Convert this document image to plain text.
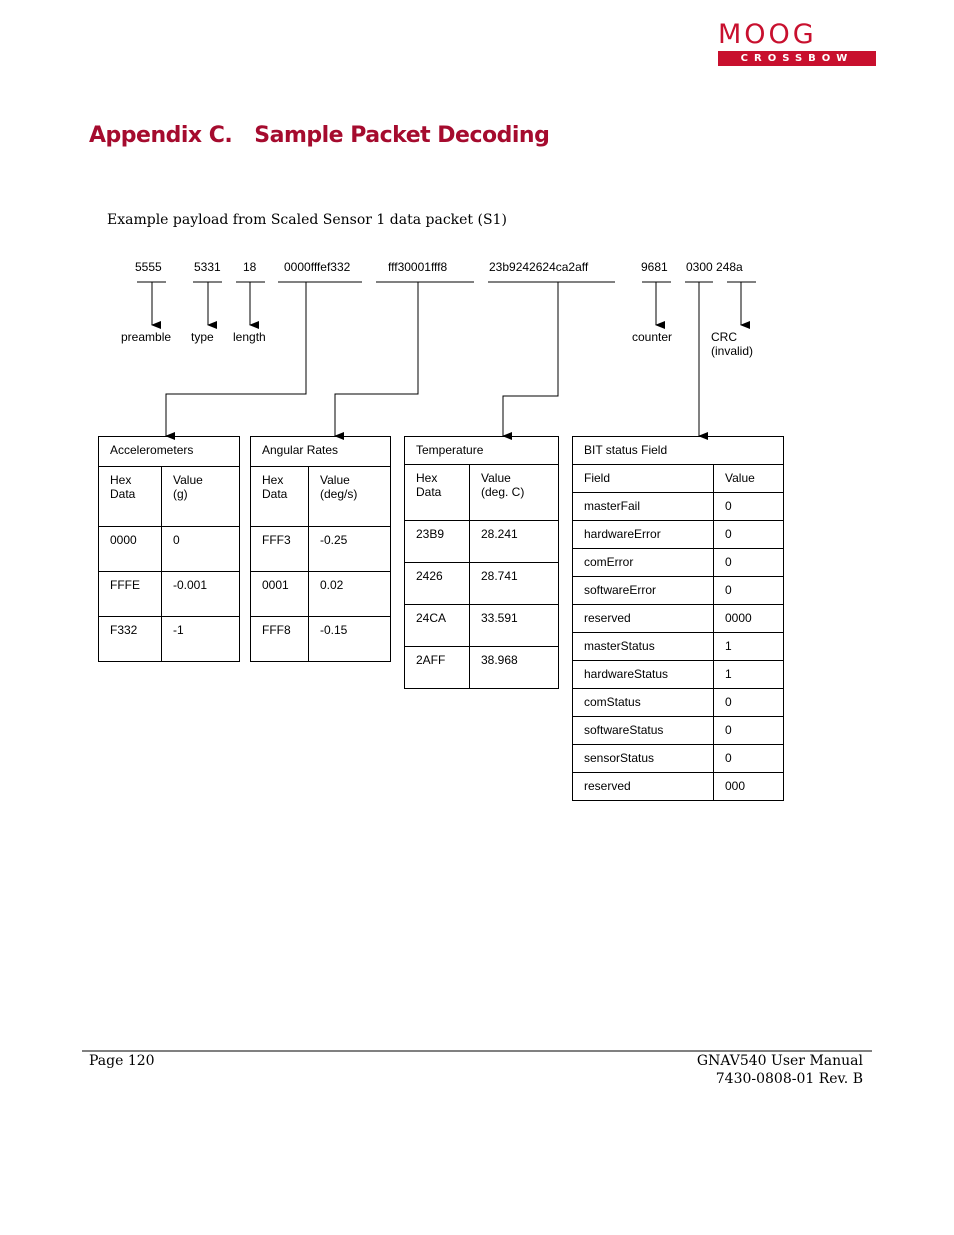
MOOG
CROSSBOW
Appendix C. Sample Packet Decoding
Example payload from Scaled Sensor 1 data packet (S1)
5555	5331 18 0000fffef332	fff30001fff8	23b9242624ca2aff	9681 0300 248a
preamble type length	counter	CRC
(invalid)
Accelerometers	
Hex
Data	Value
(g)
0000	0
FFFE	-0.001
F332	-1
Angular Rates	
Hex
Data	Value
(deg/s)
FFF3	-0.25
0001	0.02
FFF8	-0.15
Temperature	
Hex
Data	Value
(deg. C)
23B9	28.241
2426	28.741
24CA	33.591
2AFF	38.968
BIT status Field	
Field	Value
masterFail	0
hardwareError	0
comError	0
softwareError	0
reserved	0000
masterStatus	1
hardwareStatus	1
comStatus	0
softwareStatus	0
sensorStatus	0
reserved	000
Page 120	GNAV540 User Manual
7430-0808-01 Rev. B
